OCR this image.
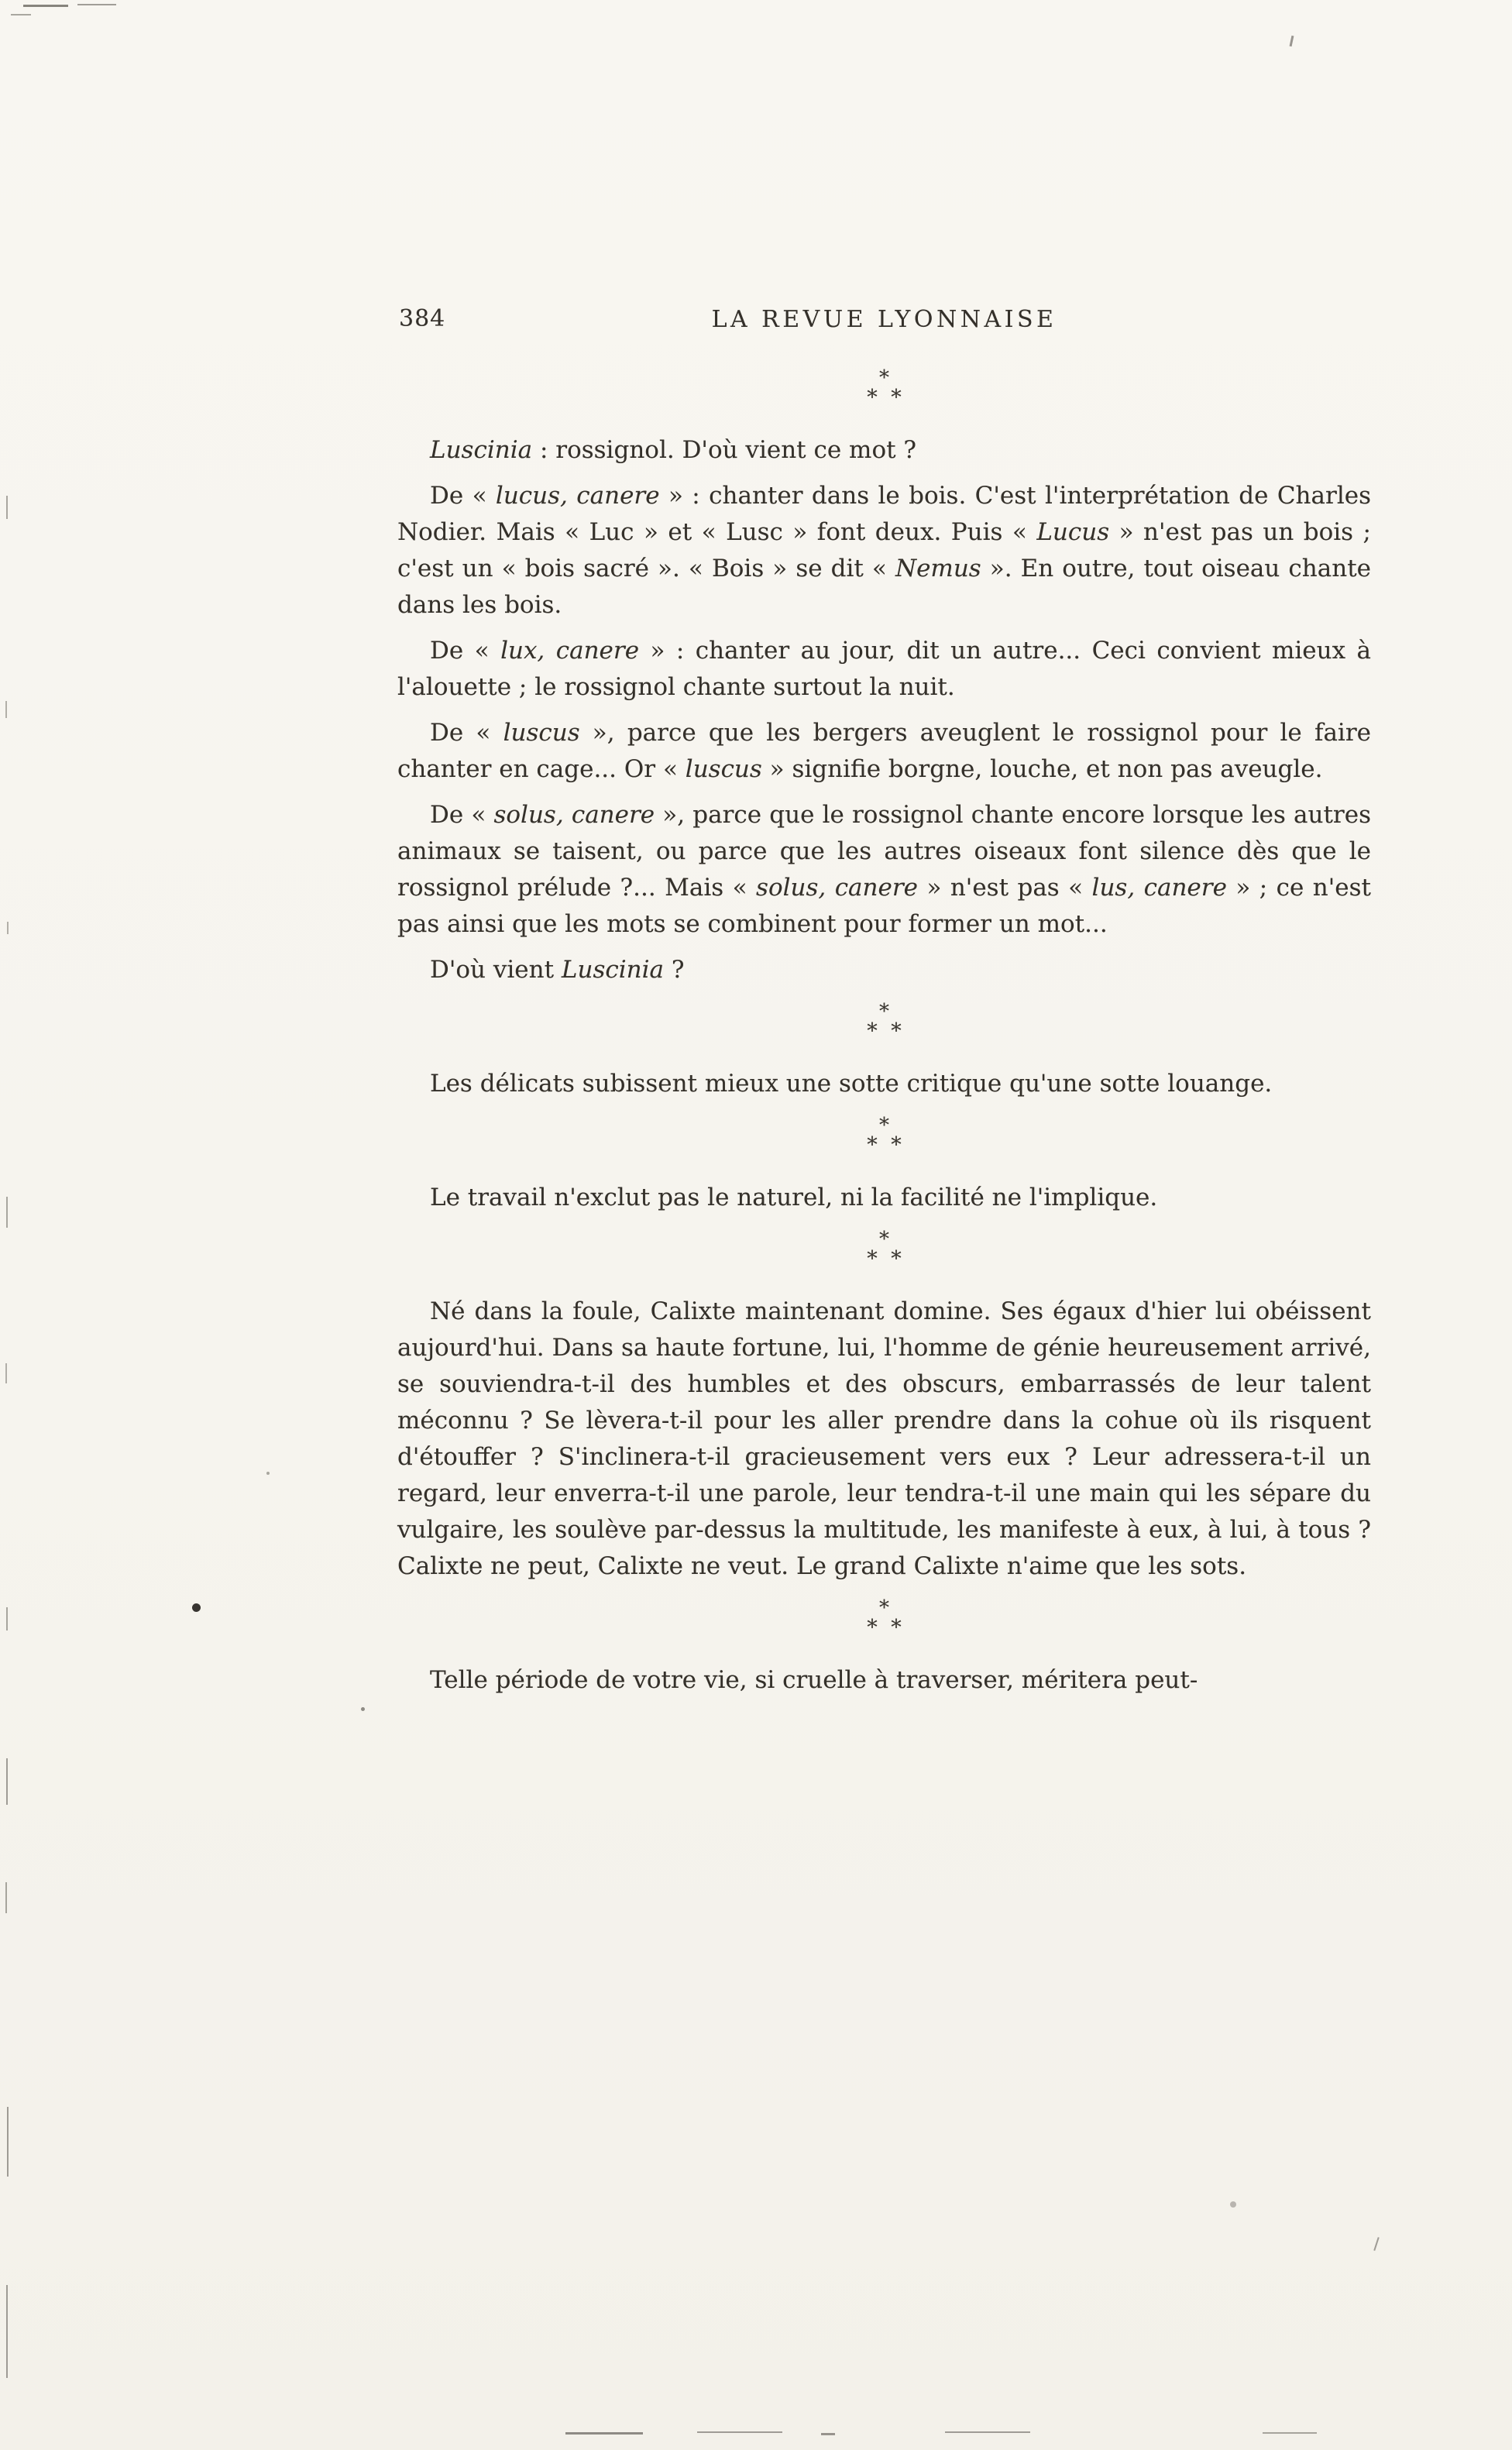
384	LA REVUE LYONNAISE
*
* *

Luscinia : rossignol. D'où vient ce mot ?

De « lucus, canere » : chanter dans le bois. C'est l'interprétation de Charles Nodier. Mais « Luc » et « Lusc » font deux. Puis « Lucus » n'est pas un bois ; c'est un « bois sacré ». « Bois » se dit « Nemus ». En outre, tout oiseau chante dans les bois.

De « lux, canere » : chanter au jour, dit un autre... Ceci convient mieux à l'alouette ; le rossignol chante surtout la nuit.

De « luscus », parce que les bergers aveuglent le rossignol pour le faire chanter en cage... Or « luscus » signifie borgne, louche, et non pas aveugle.

De « solus, canere », parce que le rossignol chante encore lorsque les autres animaux se taisent, ou parce que les autres oiseaux font silence dès que le rossignol prélude ?... Mais « solus, canere » n'est pas « lus, canere » ; ce n'est pas ainsi que les mots se combinent pour former un mot...

D'où vient Luscinia ?

*
* *

Les délicats subissent mieux une sotte critique qu'une sotte louange.

*
* *

Le travail n'exclut pas le naturel, ni la facilité ne l'implique.

*
* *

Né dans la foule, Calixte maintenant domine. Ses égaux d'hier lui obéissent aujourd'hui. Dans sa haute fortune, lui, l'homme de génie heureusement arrivé, se souviendra-t-il des humbles et des obscurs, embarrassés de leur talent méconnu ? Se lèvera-t-il pour les aller prendre dans la cohue où ils risquent d'étouffer ? S'inclinera-t-il gracieusement vers eux ? Leur adressera-t-il un regard, leur enverra-t-il une parole, leur tendra-t-il une main qui les sépare du vulgaire, les soulève par-dessus la multitude, les manifeste à eux, à lui, à tous ? Calixte ne peut, Calixte ne veut. Le grand Calixte n'aime que les sots.

*
* *

Telle période de votre vie, si cruelle à traverser, méritera peut-
